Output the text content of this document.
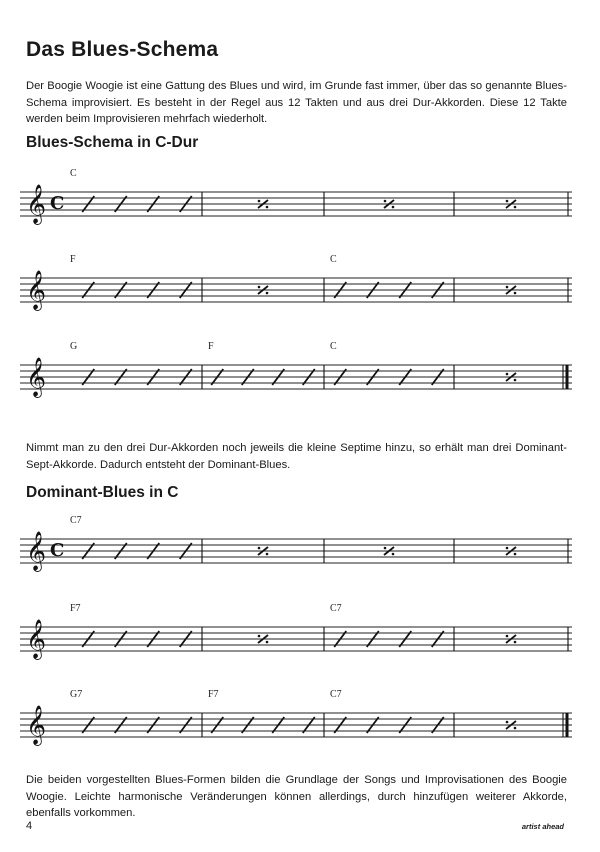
Das Blues-Schema
Der Boogie Woogie ist eine Gattung des Blues und wird, im Grunde fast immer, über das so genannte Blues-Schema improvisiert. Es besteht in der Regel aus 12 Takten und aus drei Dur-Akkorden. Diese 12 Takte werden beim Improvisieren mehrfach wiederholt.
Blues-Schema in C-Dur
𝄞 C
C
𝄞
F	C
𝄞
G	F	C
Nimmt man zu den drei Dur-Akkorden noch jeweils die kleine Septime hinzu, so erhält man drei Dominant-Sept-Akkorde. Dadurch entsteht der Dominant-Blues.
Dominant-Blues in C
𝄞 C
C7
𝄞
F7	C7
𝄞
G7	F7	C7
Die beiden vorgestellten Blues-Formen bilden die Grundlage der Songs und Improvisationen des Boogie Woogie. Leichte harmonische Veränderungen können allerdings, durch hinzufügen weiterer Akkorde, ebenfalls vorkommen.
4	artist ahead
